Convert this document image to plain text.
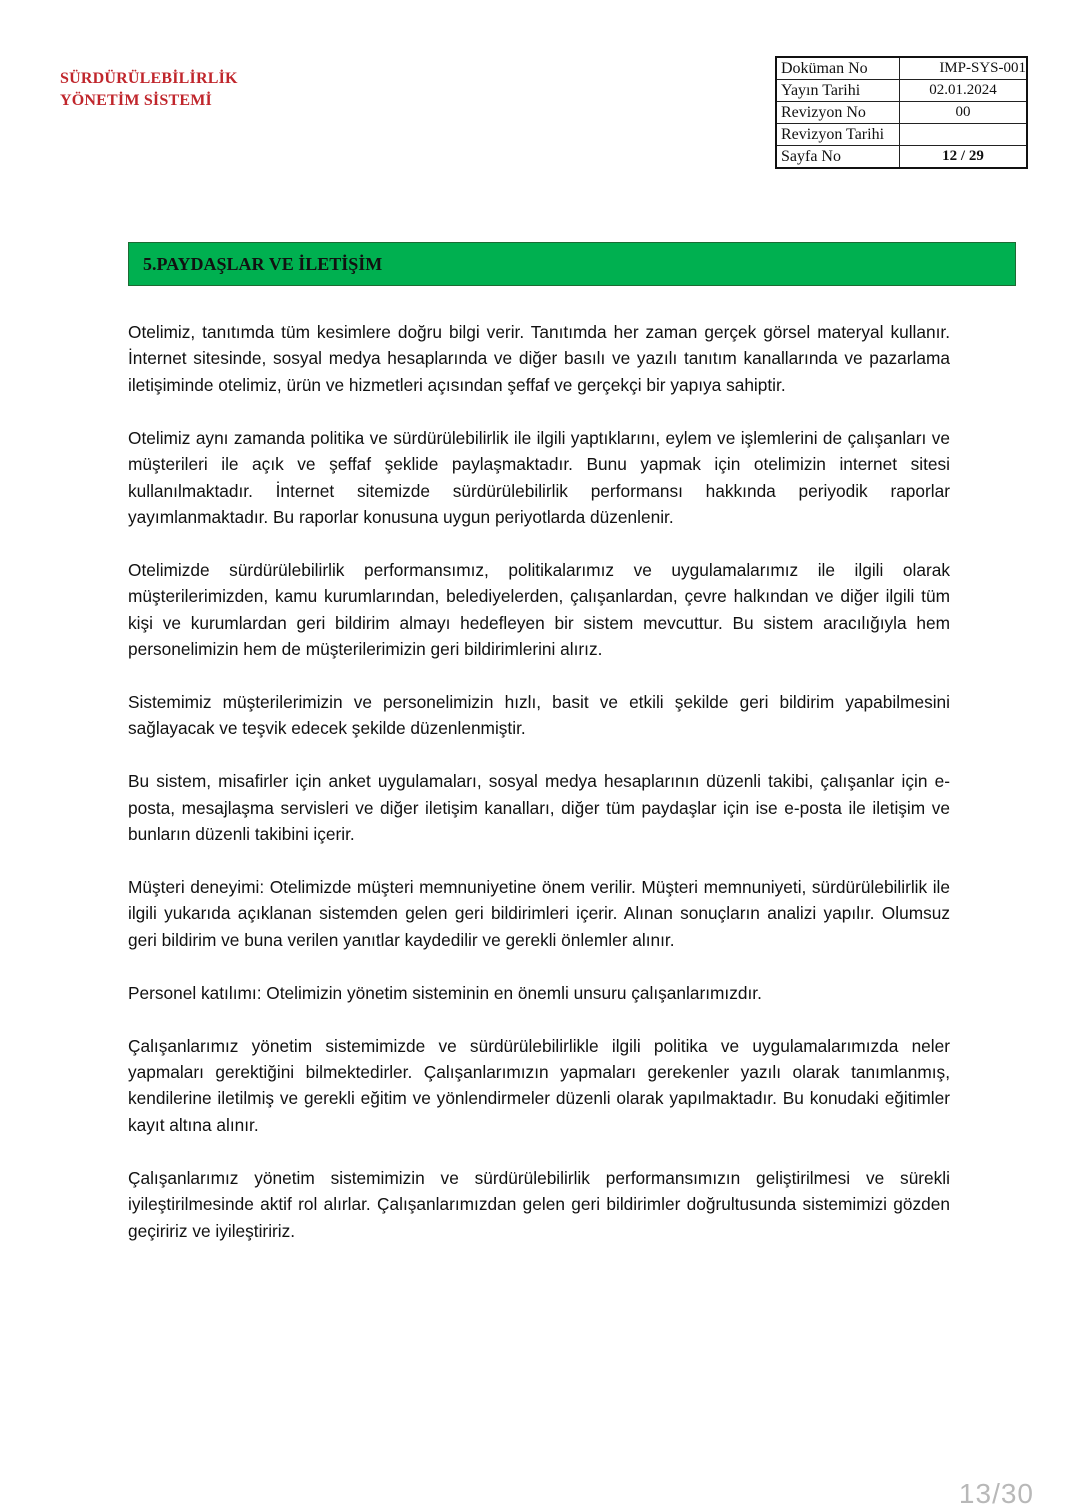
SÜRDÜRÜLEBİLİRLİK
YÖNETİM SİSTEMİ
Doküman No	IMP-SYS-001
Yayın Tarihi	02.01.2024
Revizyon No	00
Revizyon Tarihi	
Sayfa No	12 / 29
5.PAYDAŞLAR VE İLETİŞİM

Otelimiz, tanıtımda tüm kesimlere doğru bilgi verir. Tanıtımda her zaman gerçek görsel materyal kullanır. İnternet sitesinde, sosyal medya hesaplarında ve diğer basılı ve yazılı tanıtım kanallarında ve pazarlama iletişiminde otelimiz, ürün ve hizmetleri açısından şeffaf ve gerçekçi bir yapıya sahiptir.

Otelimiz aynı zamanda politika ve sürdürülebilirlik ile ilgili yaptıklarını, eylem ve işlemlerini de çalışanları ve müşterileri ile açık ve şeffaf şeklide paylaşmaktadır. Bunu yapmak için otelimizin internet sitesi kullanılmaktadır. İnternet sitemizde sürdürülebilirlik performansı hakkında periyodik raporlar yayımlanmaktadır. Bu raporlar konusuna uygun periyotlarda düzenlenir.

Otelimizde sürdürülebilirlik performansımız, politikalarımız ve uygulamalarımız ile ilgili olarak müşterilerimizden, kamu kurumlarından, belediyelerden, çalışanlardan, çevre halkından ve diğer ilgili tüm kişi ve kurumlardan geri bildirim almayı hedefleyen bir sistem mevcuttur. Bu sistem aracılığıyla hem personelimizin hem de müşterilerimizin geri bildirimlerini alırız.

Sistemimiz müşterilerimizin ve personelimizin hızlı, basit ve etkili şekilde geri bildirim yapabilmesini sağlayacak ve teşvik edecek şekilde düzenlenmiştir.

Bu sistem, misafirler için anket uygulamaları, sosyal medya hesaplarının düzenli takibi, çalışanlar için e-posta, mesajlaşma servisleri ve diğer iletişim kanalları, diğer tüm paydaşlar için ise e-posta ile iletişim ve bunların düzenli takibini içerir.

Müşteri deneyimi: Otelimizde müşteri memnuniyetine önem verilir. Müşteri memnuniyeti, sürdürülebilirlik ile ilgili yukarıda açıklanan sistemden gelen geri bildirimleri içerir. Alınan sonuçların analizi yapılır. Olumsuz geri bildirim ve buna verilen yanıtlar kaydedilir ve gerekli önlemler alınır.

Personel katılımı: Otelimizin yönetim sisteminin en önemli unsuru çalışanlarımızdır.

Çalışanlarımız yönetim sistemimizde ve sürdürülebilirlikle ilgili politika ve uygulamalarımızda neler yapmaları gerektiğini bilmektedirler. Çalışanlarımızın yapmaları gerekenler yazılı olarak tanımlanmış, kendilerine iletilmiş ve gerekli eğitim ve yönlendirmeler düzenli olarak yapılmaktadır. Bu konudaki eğitimler kayıt altına alınır.

Çalışanlarımız yönetim sistemimizin ve sürdürülebilirlik performansımızın geliştirilmesi ve sürekli iyileştirilmesinde aktif rol alırlar. Çalışanlarımızdan gelen geri bildirimler doğrultusunda sistemimizi gözden geçiririz ve iyileştiririz.

13/30
